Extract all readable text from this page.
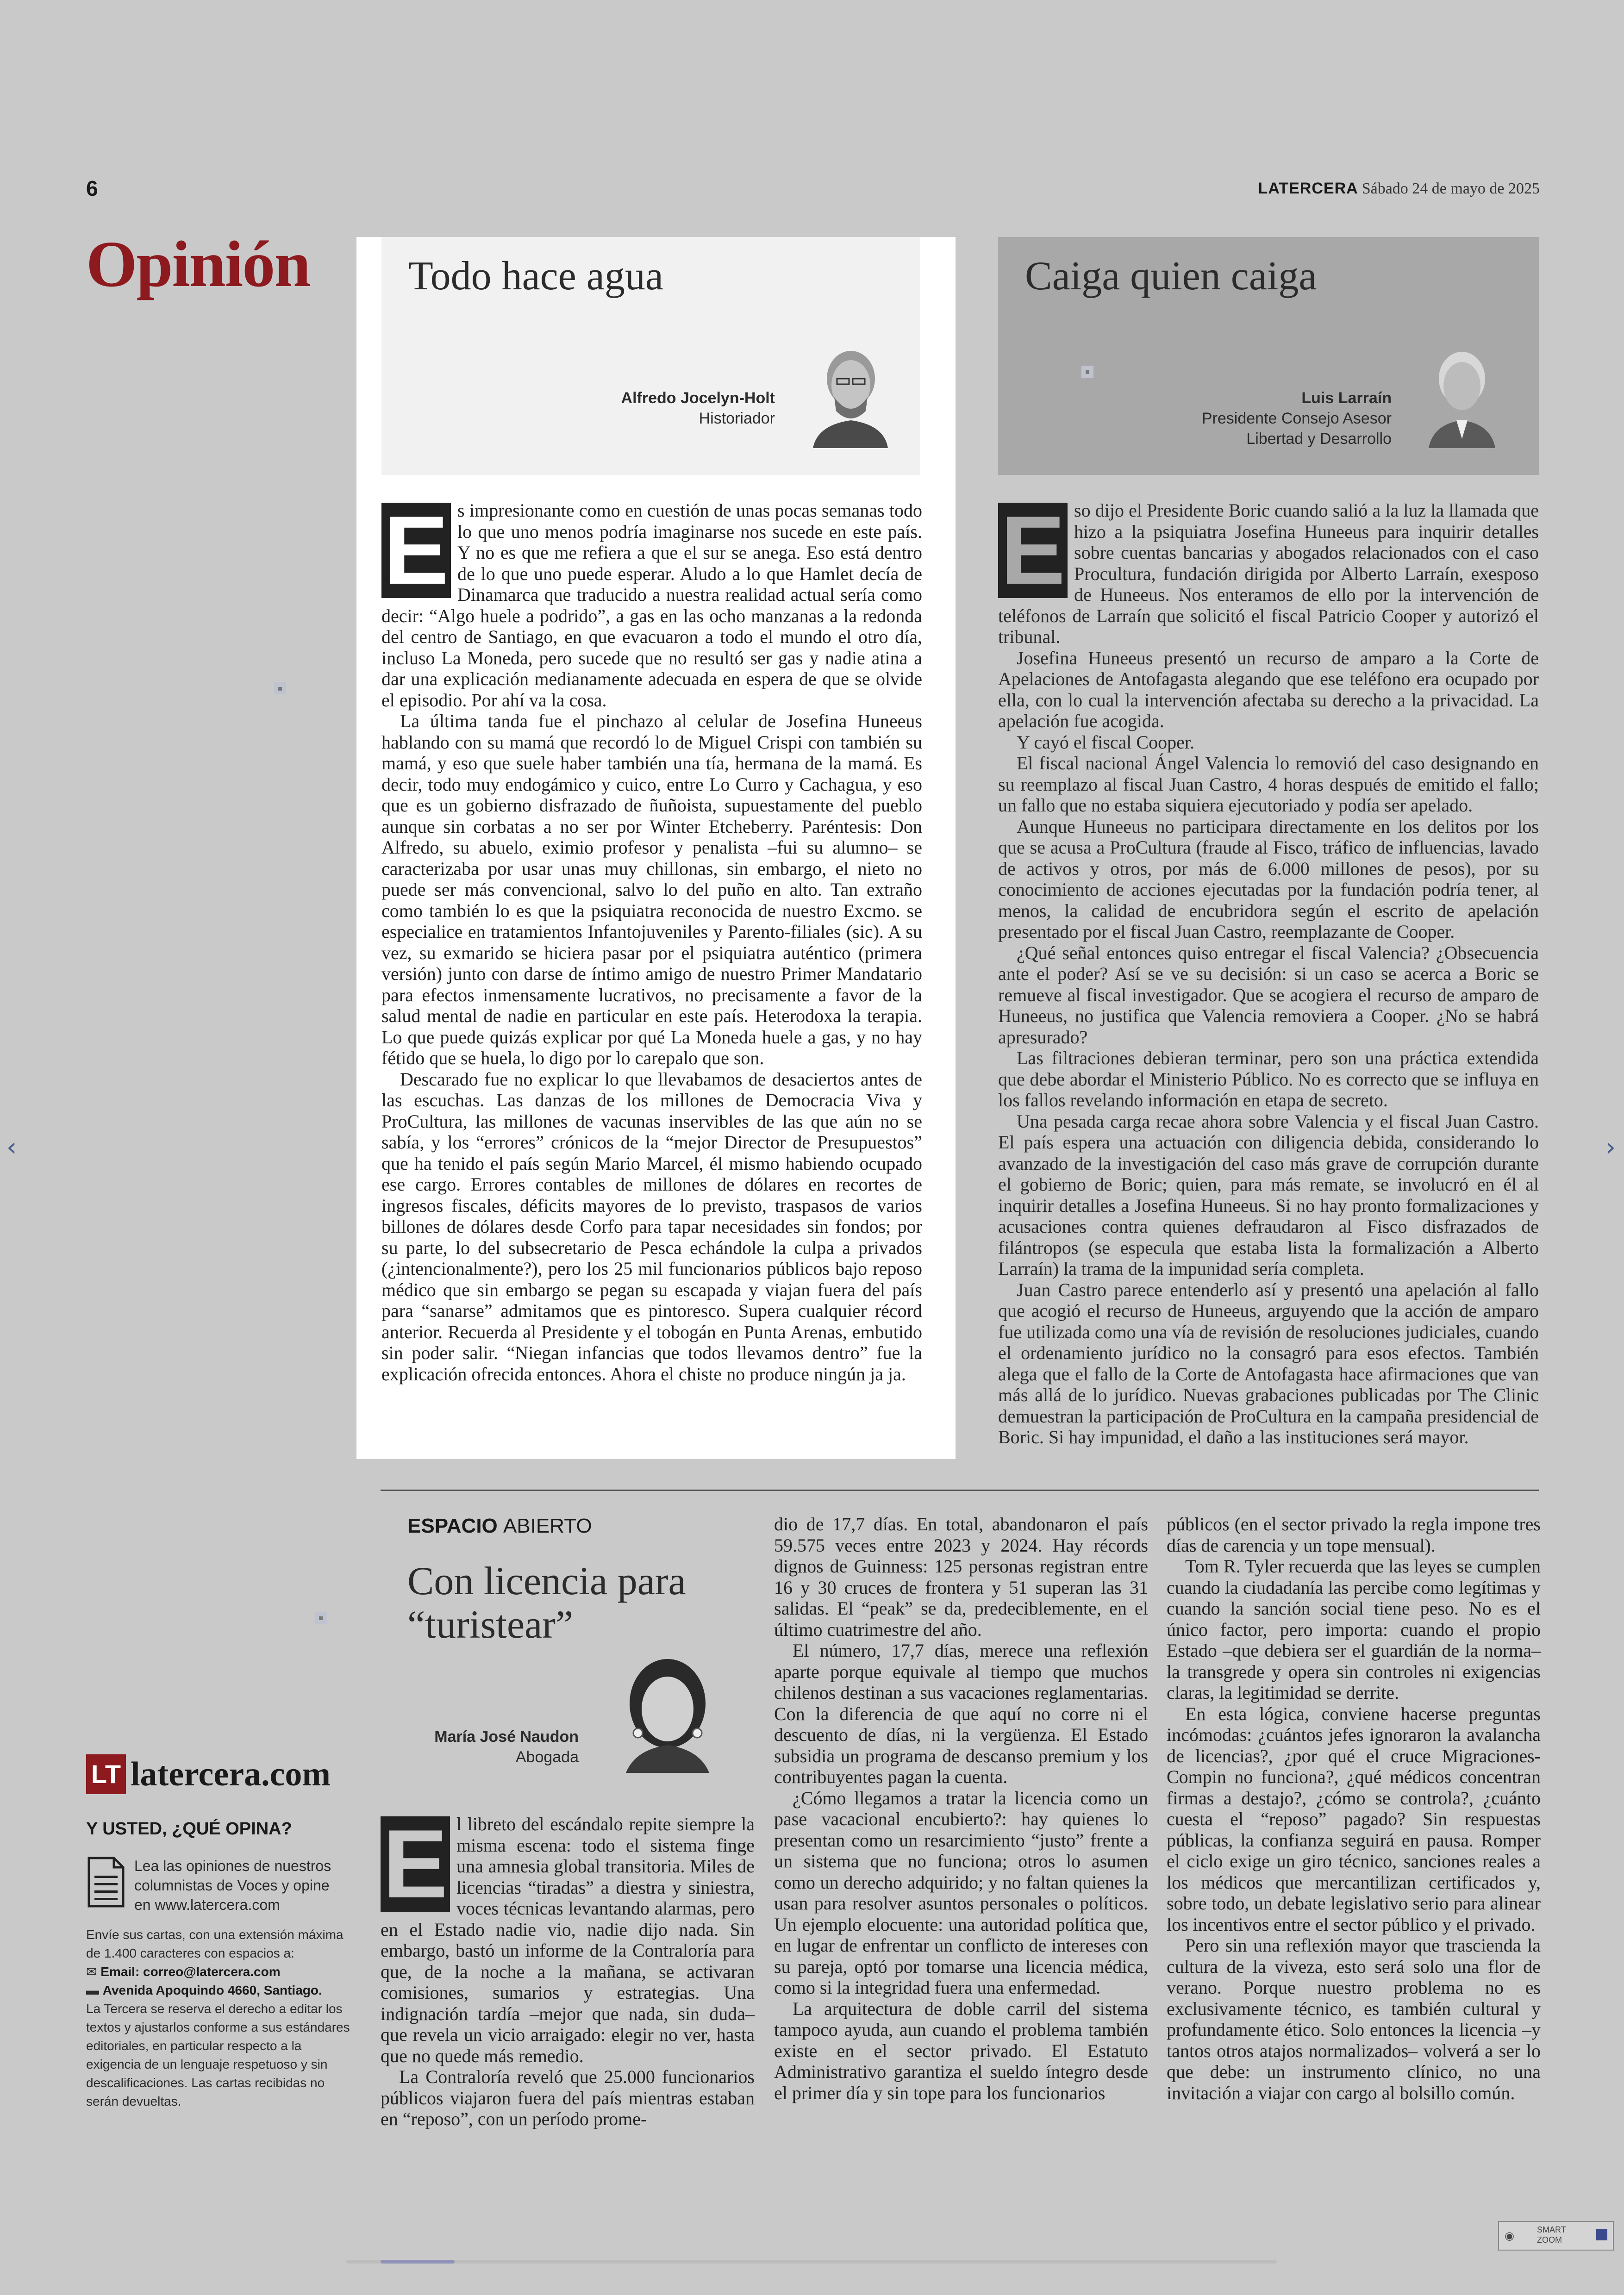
6	LATERCERA Sábado 24 de mayo de 2025
Opinión Todo hace agua
Alfredo Jocelyn-Holt
Historiador
E s impresionante como en cuestión de unas pocas semanas todo lo que uno menos podría imaginarse nos sucede en este país. Y no es que me refiera a que el sur se anega. Eso está dentro de lo que uno puede esperar. Aludo a lo que Hamlet decía de Dinamarca que traducido a nuestra realidad actual sería como decir: “Algo huele a podrido”, a gas en las ocho manzanas a la redonda del centro de Santiago, en que evacuaron a todo el mundo el otro día, incluso La Moneda, pero sucede que no resultó ser gas y nadie atina a dar una explicación medianamente adecuada en espera de que se olvide el episodio. Por ahí va la cosa.

La última tanda fue el pinchazo al celular de Josefina Huneeus hablando con su mamá que recordó lo de Miguel Crispi con también su mamá, y eso que suele haber también una tía, hermana de la mamá. Es decir, todo muy endogámico y cuico, entre Lo Curro y Cachagua, y eso que es un gobierno disfrazado de ñuñoista, supuestamente del pueblo aunque sin corbatas a no ser por Winter Etcheberry. Paréntesis: Don Alfredo, su abuelo, eximio profesor y penalista –fui su alumno– se caracterizaba por usar unas muy chillonas, sin embargo, el nieto no puede ser más convencional, salvo lo del puño en alto. Tan extraño como también lo es que la psiquiatra reconocida de nuestro Excmo. se especialice en tratamientos Infantojuveniles y Parento-filiales (sic). A su vez, su exmarido se hiciera pasar por el psiquiatra auténtico (primera versión) junto con darse de íntimo amigo de nuestro Primer Mandatario para efectos inmensamente lucrativos, no precisamente a favor de la salud mental de nadie en particular en este país. Heterodoxa la terapia. Lo que puede quizás explicar por qué La Moneda huele a gas, y no hay fétido que se huela, lo digo por lo carepalo que son.

Descarado fue no explicar lo que llevabamos de desaciertos antes de las escuchas. Las danzas de los millones de Democracia Viva y ProCultura, las millones de vacunas inservibles de las que aún no se sabía, y los “errores” crónicos de la “mejor Director de Presupuestos” que ha tenido el país según Mario Marcel, él mismo habiendo ocupado ese cargo. Errores contables de millones de dólares en recortes de ingresos fiscales, déficits mayores de lo previsto, traspasos de varios billones de dólares desde Corfo para tapar necesidades sin fondos; por su parte, lo del subsecretario de Pesca echándole la culpa a privados (¿intencionalmente?), pero los 25 mil funcionarios públicos bajo reposo médico que sin embargo se pegan su escapada y viajan fuera del país para “sanarse” admitamos que es pintoresco. Supera cualquier récord anterior. Recuerda al Presidente y el tobogán en Punta Arenas, embutido sin poder salir. “Niegan infancias que todos llevamos dentro” fue la explicación ofrecida entonces. Ahora el chiste no produce ningún ja ja.

Caiga quien caiga
Luis Larraín
Presidente Consejo Asesor
Libertad y Desarrollo
E so dijo el Presidente Boric cuando salió a la luz la llamada que hizo a la psiquiatra Josefina Huneeus para inquirir detalles sobre cuentas bancarias y abogados relacionados con el caso Procultura, fundación dirigida por Alberto Larraín, exesposo de Huneeus. Nos enteramos de ello por la intervención de teléfonos de Larraín que solicitó el fiscal Patricio Cooper y autorizó el tribunal.

Josefina Huneeus presentó un recurso de amparo a la Corte de Apelaciones de Antofagasta alegando que ese teléfono era ocupado por ella, con lo cual la intervención afectaba su derecho a la privacidad. La apelación fue acogida.

Y cayó el fiscal Cooper.

El fiscal nacional Ángel Valencia lo removió del caso designando en su reemplazo al fiscal Juan Castro, 4 horas después de emitido el fallo; un fallo que no estaba siquiera ejecutoriado y podía ser apelado.

Aunque Huneeus no participara directamente en los delitos por los que se acusa a ProCultura (fraude al Fisco, tráfico de influencias, lavado de activos y otros, por más de 6.000 millones de pesos), por su conocimiento de acciones ejecutadas por la fundación podría tener, al menos, la calidad de encubridora según el escrito de apelación presentado por el fiscal Juan Castro, reemplazante de Cooper.

¿Qué señal entonces quiso entregar el fiscal Valencia? ¿Obsecuencia ante el poder? Así se ve su decisión: si un caso se acerca a Boric se remueve al fiscal investigador. Que se acogiera el recurso de amparo de Huneeus, no justifica que Valencia removiera a Cooper. ¿No se habrá apresurado?

Las filtraciones debieran terminar, pero son una práctica extendida que debe abordar el Ministerio Público. No es correcto que se influya en los fallos revelando información en etapa de secreto.

Una pesada carga recae ahora sobre Valencia y el fiscal Juan Castro. El país espera una actuación con diligencia debida, considerando lo avanzado de la investigación del caso más grave de corrupción durante el gobierno de Boric; quien, para más remate, se involucró en él al inquirir detalles a Josefina Huneeus. Si no hay pronto formalizaciones y acusaciones contra quienes defraudaron al Fisco disfrazados de filántropos (se especula que estaba lista la formalización a Alberto Larraín) la trama de la impunidad sería completa.

Juan Castro parece entenderlo así y presentó una apelación al fallo que acogió el recurso de Huneeus, arguyendo que la acción de amparo fue utilizada como una vía de revisión de resoluciones judiciales, cuando el ordenamiento jurídico no la consagró para esos efectos. También alega que el fallo de la Corte de Antofagasta hace afirmaciones que van más allá de lo jurídico. Nuevas grabaciones publicadas por The Clinic demuestran la participación de ProCultura en la campaña presidencial de Boric. Si hay impunidad, el daño a las instituciones será mayor.

ESPACIO ABIERTO
Con licencia para “turistear”
María José Naudon
Abogada
E l libreto del escándalo repite siempre la misma escena: todo el sistema finge una amnesia global transitoria. Miles de licencias “tiradas” a diestra y siniestra, voces técnicas levantando alarmas, pero en el Estado nadie vio, nadie dijo nada. Sin embargo, bastó un informe de la Contraloría para que, de la noche a la mañana, se activaran comisiones, sumarios y estrategias. Una indignación tardía –mejor que nada, sin duda– que revela un vicio arraigado: elegir no ver, hasta que no quede más remedio.

La Contraloría reveló que 25.000 funcionarios públicos viajaron fuera del país mientras estaban en “reposo”, con un período prome-

dio de 17,7 días. En total, abandonaron el país 59.575 veces entre 2023 y 2024. Hay récords dignos de Guinness: 125 personas registran entre 16 y 30 cruces de frontera y 51 superan las 31 salidas. El “peak” se da, predeciblemente, en el último cuatrimestre del año.

El número, 17,7 días, merece una reflexión aparte porque equivale al tiempo que muchos chilenos destinan a sus vacaciones reglamentarias. Con la diferencia de que aquí no corre ni el descuento de días, ni la vergüenza. El Estado subsidia un programa de descanso premium y los contribuyentes pagan la cuenta.

¿Cómo llegamos a tratar la licencia como un pase vacacional encubierto?: hay quienes lo presentan como un resarcimiento “justo” frente a un sistema que no funciona; otros lo asumen como un derecho adquirido; y no faltan quienes la usan para resolver asuntos personales o políticos. Un ejemplo elocuente: una autoridad política que, en lugar de enfrentar un conflicto de intereses con su pareja, optó por tomarse una licencia médica, como si la integridad fuera una enfermedad.

La arquitectura de doble carril del sistema tampoco ayuda, aun cuando el problema también existe en el sector privado. El Estatuto Administrativo garantiza el sueldo íntegro desde el primer día y sin tope para los funcionarios

públicos (en el sector privado la regla impone tres días de carencia y un tope mensual).

Tom R. Tyler recuerda que las leyes se cumplen cuando la ciudadanía las percibe como legítimas y cuando la sanción social tiene peso. No es el único factor, pero importa: cuando el propio Estado –que debiera ser el guardián de la norma– la transgrede y opera sin controles ni exigencias claras, la legitimidad se derrite.

En esta lógica, conviene hacerse preguntas incómodas: ¿cuántos jefes ignoraron la avalancha de licencias?, ¿por qué el cruce Migraciones-Compin no funciona?, ¿qué médicos concentran firmas a destajo?, ¿cómo se controla?, ¿cuánto cuesta el “reposo” pagado? Sin respuestas públicas, la confianza seguirá en pausa. Romper el ciclo exige un giro técnico, sanciones reales a los médicos que mercantilizan certificados y, sobre todo, un debate legislativo serio para alinear los incentivos entre el sector público y el privado.

Pero sin una reflexión mayor que trascienda la cultura de la viveza, esto será solo una flor de verano. Porque nuestro problema no es exclusivamente técnico, es también cultural y profundamente ético. Solo entonces la licencia –y tantos otros atajos normalizados– volverá a ser lo que debe: un instrumento clínico, no una invitación a viajar con cargo al bolsillo común.

LT latercera.com
Y USTED, ¿QUÉ OPINA?
Lea las opiniones de nuestros columnistas de Voces y opine en www.latercera.com
Envíe sus cartas, con una extensión máxima de 1.400 caracteres con espacios a:
✉ Email: correo@latercera.com
▬ Avenida Apoquindo 4660, Santiago.
La Tercera se reserva el derecho a editar los textos y ajustarlos conforme a sus estándares editoriales, en particular respecto a la exigencia de un lenguaje respetuoso y sin descalificaciones. Las cartas recibidas no serán devueltas.
▪
▪
▪
‹	›
◉	SMART
ZOOM
